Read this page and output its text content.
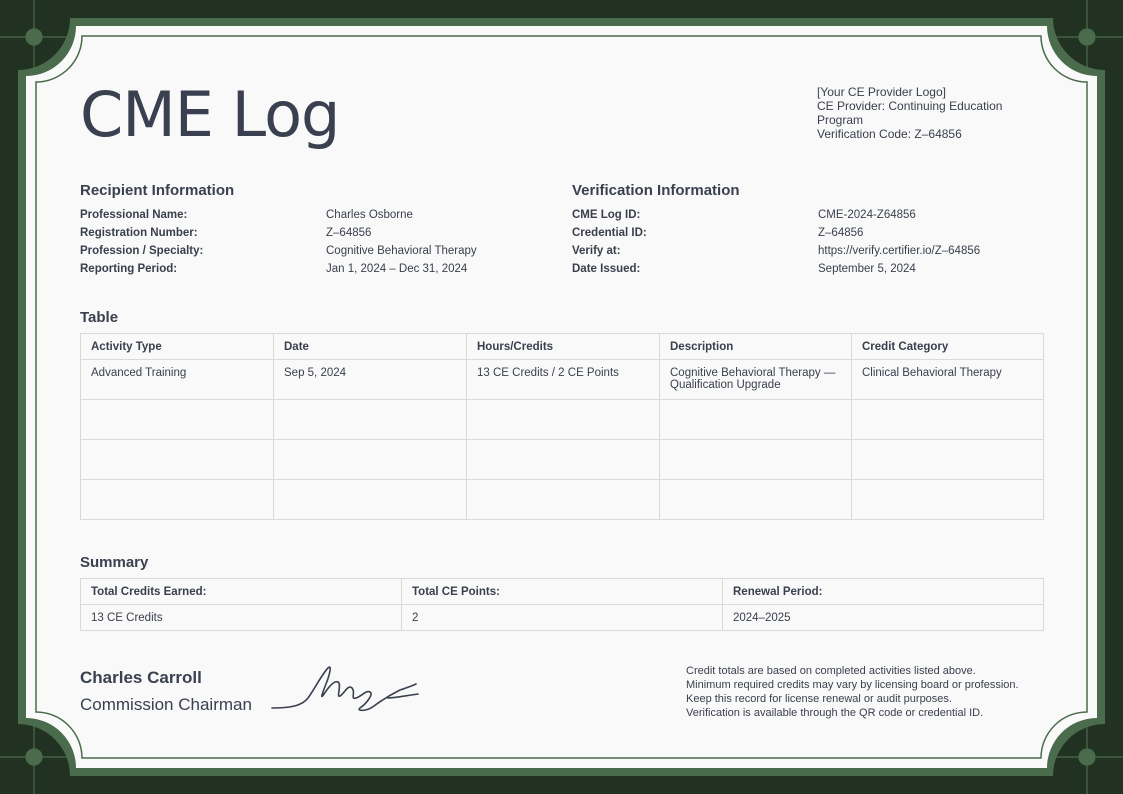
CME Log	[Your CE Provider Logo]
CE Provider: Continuing Education
Program
Verification Code: Z–64856
Recipient Information
Professional Name:	Charles Osborne
Registration Number:	Z–64856
Profession / Specialty:	Cognitive Behavioral Therapy
Reporting Period:	Jan 1, 2024 – Dec 31, 2024
Verification Information
CME Log ID:	CME-2024-Z64856
Credential ID:	Z–64856
Verify at:	https://verify.certifier.io/Z–64856
Date Issued:	September 5, 2024
Table
Activity Type	Date	Hours/Credits	Description	Credit Category
Advanced Training	Sep 5, 2024	13 CE Credits / 2 CE Points	Cognitive Behavioral Therapy — Qualification Upgrade	Clinical Behavioral Therapy

Summary
Total Credits Earned:	Total CE Points:	Renewal Period:
13 CE Credits	2	2024–2025
Charles Carroll
Commission Chairman
Credit totals are based on completed activities listed above.
Minimum required credits may vary by licensing board or profession.
Keep this record for license renewal or audit purposes.
Verification is available through the QR code or credential ID.
